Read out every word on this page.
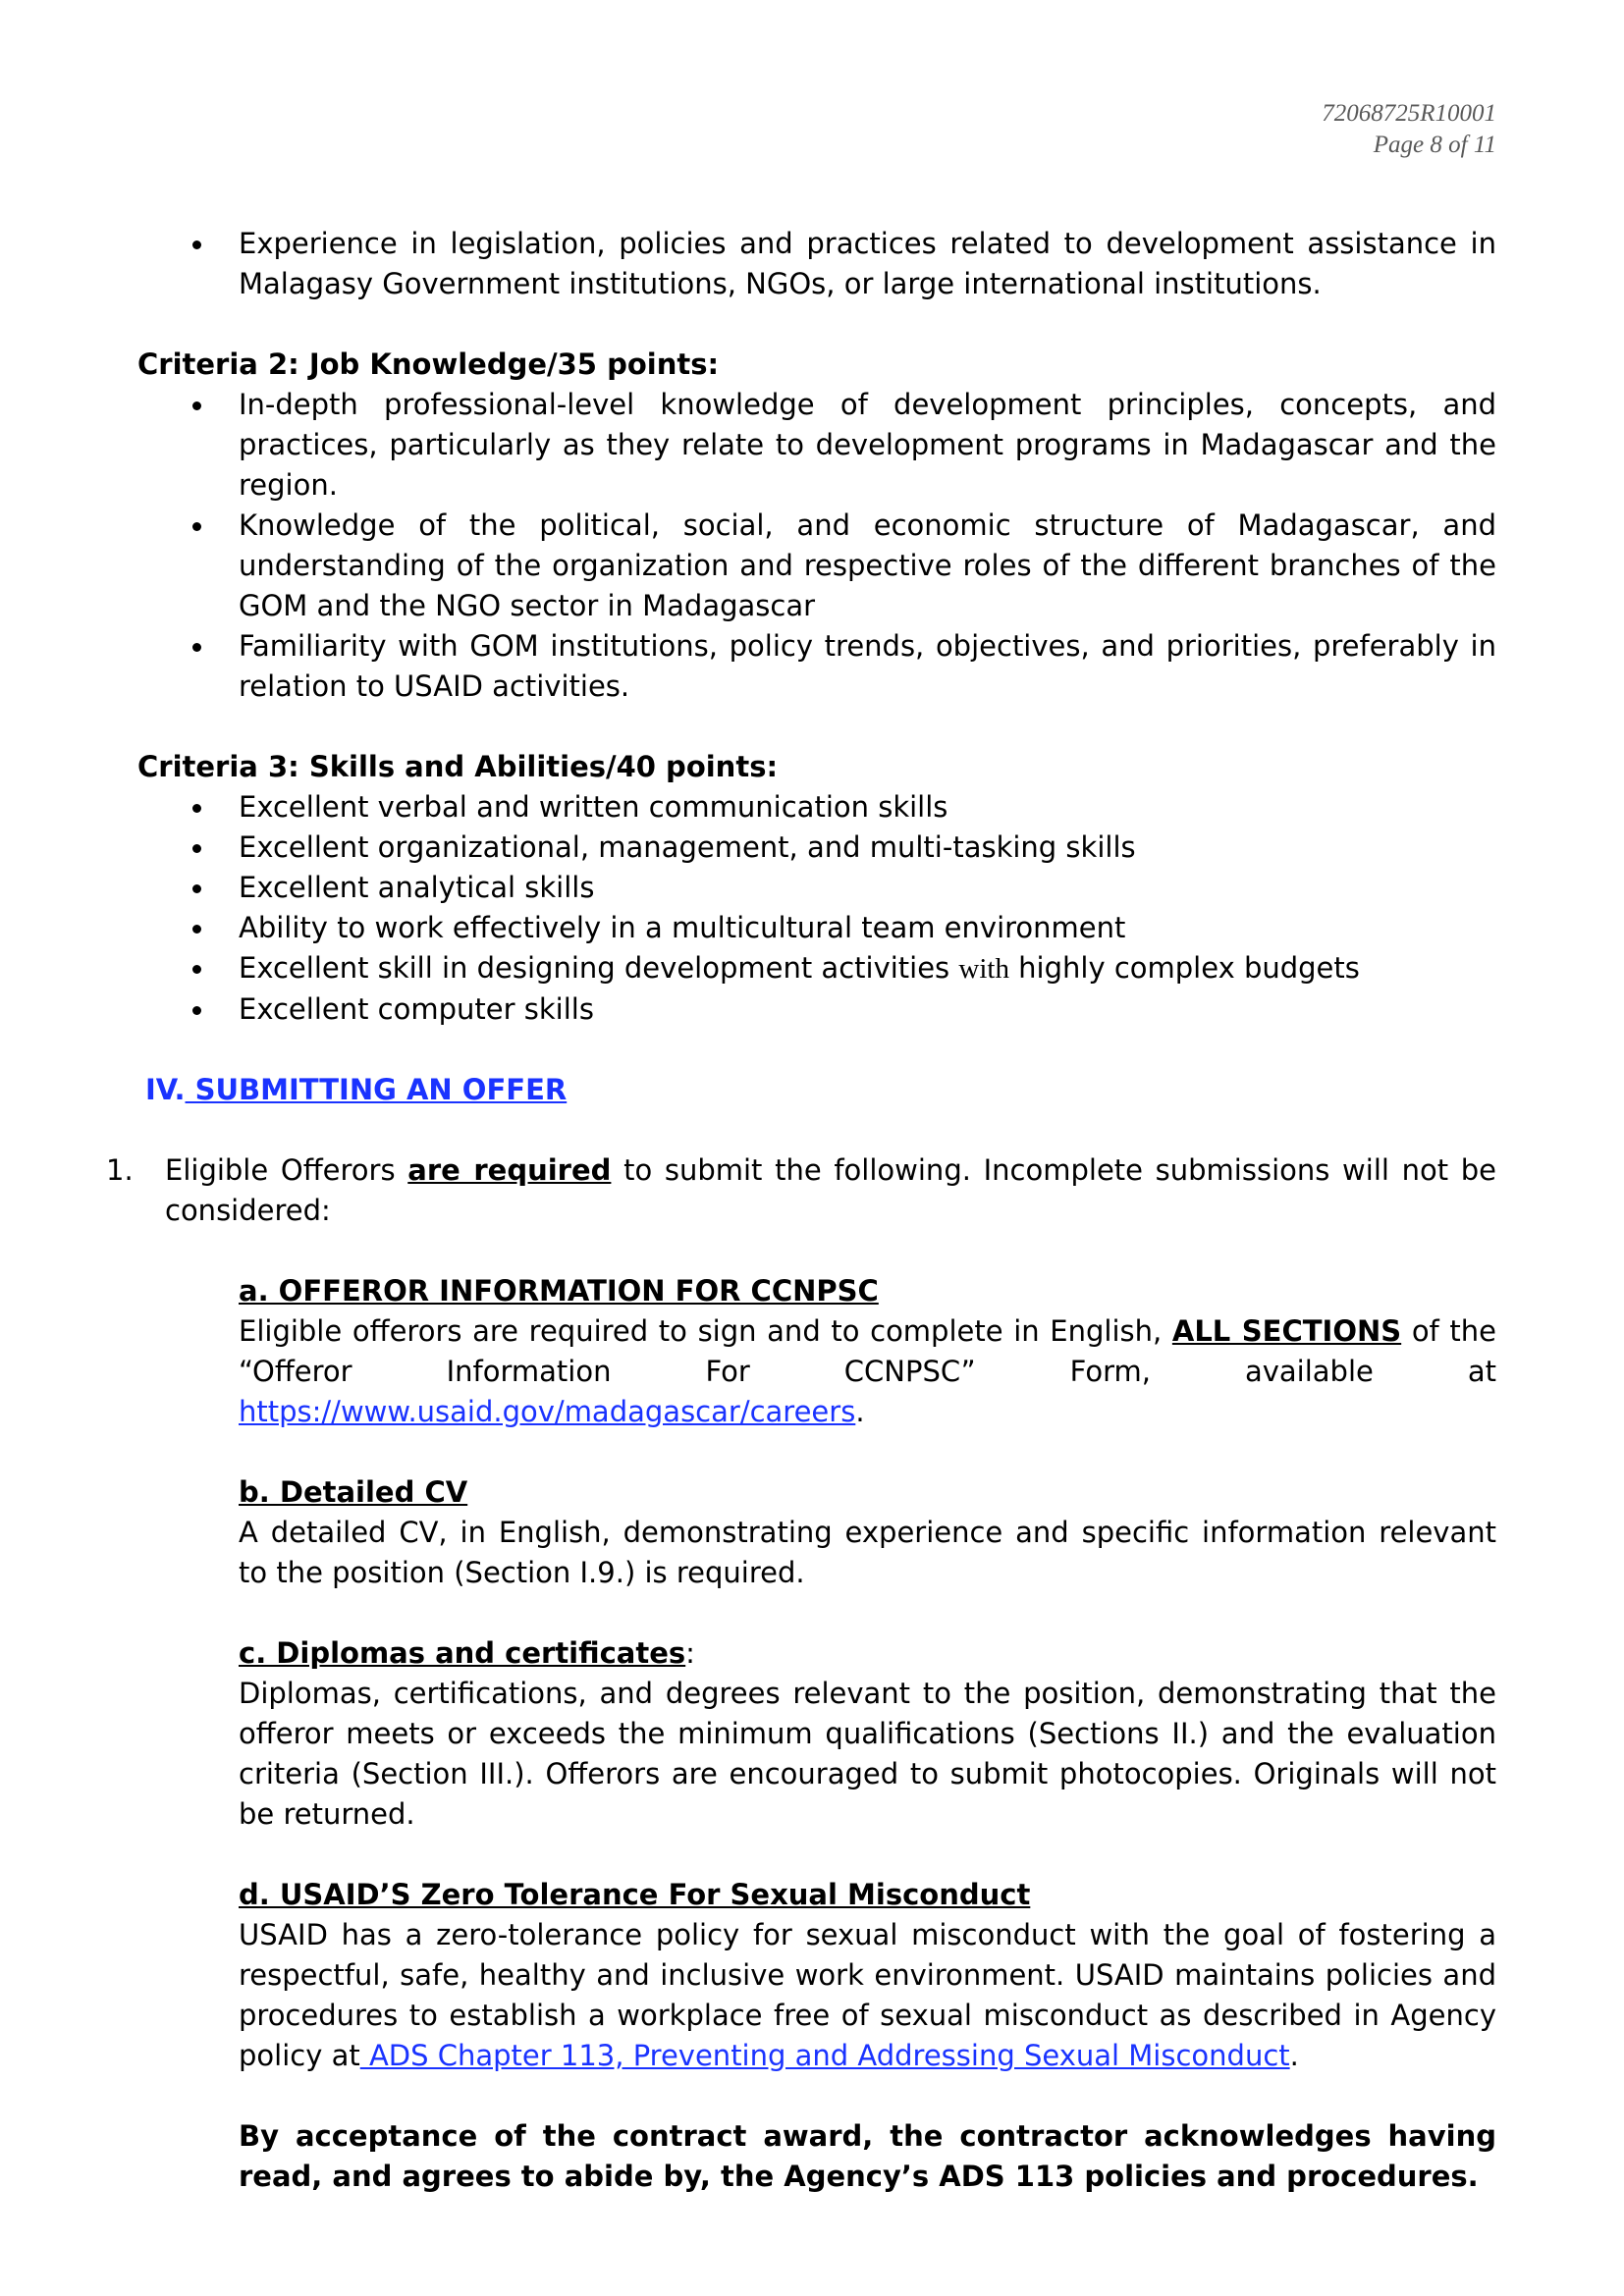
72068725R10001
Page 8 of 11
Experience in legislation, policies and practices related to development assistance in Malagasy Government institutions, NGOs, or large international institutions.

Criteria 2: Job Knowledge/35 points:

In-depth professional-level knowledge of development principles, concepts, and practices, particularly as they relate to development programs in Madagascar and the region.
Knowledge of the political, social, and economic structure of Madagascar, and understanding of the organization and respective roles of the different branches of the GOM and the NGO sector in Madagascar
Familiarity with GOM institutions, policy trends, objectives, and priorities, preferably in relation to USAID activities.

Criteria 3: Skills and Abilities/40 points:

Excellent verbal and written communication skills
Excellent organizational, management, and multi-tasking skills
Excellent analytical skills
Ability to work effectively in a multicultural team environment
Excellent skill in designing development activities with highly complex budgets
Excellent computer skills

IV. SUBMITTING AN OFFER

1. Eligible Offerors are required to submit the following. Incomplete submissions will not be considered:

a. OFFEROR INFORMATION FOR CCNPSC

Eligible offerors are required to sign and to complete in English, ALL SECTIONS of the “Offeror Information For CCNPSC” Form, available at https://www.usaid.gov/madagascar/careers.

b. Detailed CV

A detailed CV, in English, demonstrating experience and specific information relevant to the position (Section I.9.) is required.

c. Diplomas and certificates:

Diplomas, certifications, and degrees relevant to the position, demonstrating that the offeror meets or exceeds the minimum qualifications (Sections II.) and the evaluation criteria (Section III.). Offerors are encouraged to submit photocopies. Originals will not be returned.

d. USAID’S Zero Tolerance For Sexual Misconduct

USAID has a zero-tolerance policy for sexual misconduct with the goal of fostering a respectful, safe, healthy and inclusive work environment. USAID maintains policies and procedures to establish a workplace free of sexual misconduct as described in Agency policy at ADS Chapter 113, Preventing and Addressing Sexual Misconduct.

By acceptance of the contract award, the contractor acknowledges having read, and agrees to abide by, the Agency’s ADS 113 policies and procedures.
